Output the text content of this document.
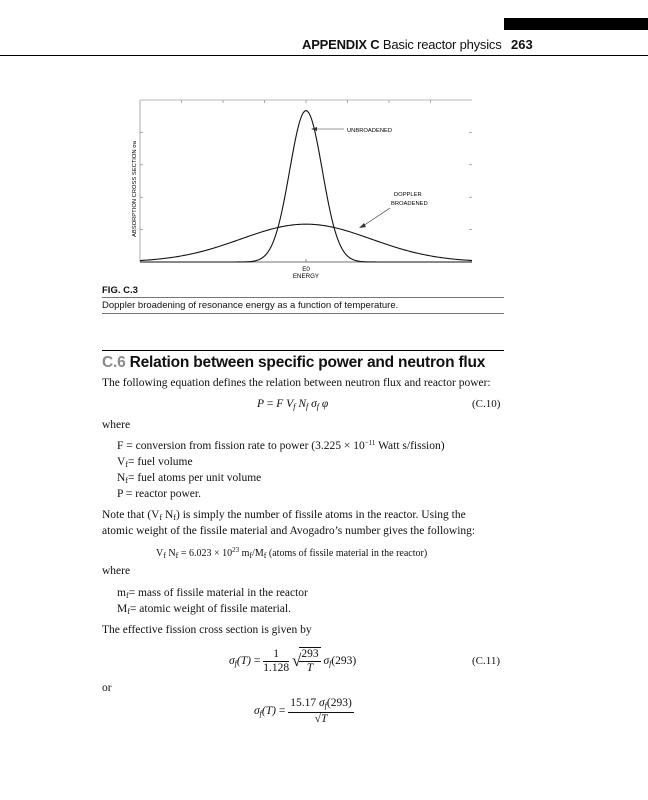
APPENDIX C Basic reactor physics 263
UNBROADENED
DOPPLER
BROADENED
ABSORPTION CROSS SECTION σa
E0
ENERGY
FIG. C.3
Doppler broadening of resonance energy as a function of temperature.
C.6 Relation between specific power and neutron flux
The following equation defines the relation between neutron flux and reactor power:
P = F $V_f$ $N_f$ $\sigma_f$ φ	(C.10)
where
F = conversion from fission rate to power ($3.225 \times 10^{-11}$ Watt s/fission)
$V_f=$ fuel volume
$N_f=$ fuel atoms per unit volume
P = reactor power.
Note that ($V_f$ $N_f$) is simply the number of fissile atoms in the reactor. Using the
atomic weight of the fissile material and Avogadro’s number gives the following:
$V_f$ $N_f = 6.023 \times 10^{23}$ $m_f/M_f$ (atoms of fissile material in the reactor)
where
$m_f=$ mass of fissile material in the reactor
$M_f=$ atomic weight of fissile material.
The effective fission cross section is given by
$\sigma_f(T) = \frac{1}{1.128}$ √
$\frac{293}{T} \sigma_f(293)$	(C.11)
or
$\sigma_f(T) = \frac{15.17 \sigma_f(293)}{√T}$
